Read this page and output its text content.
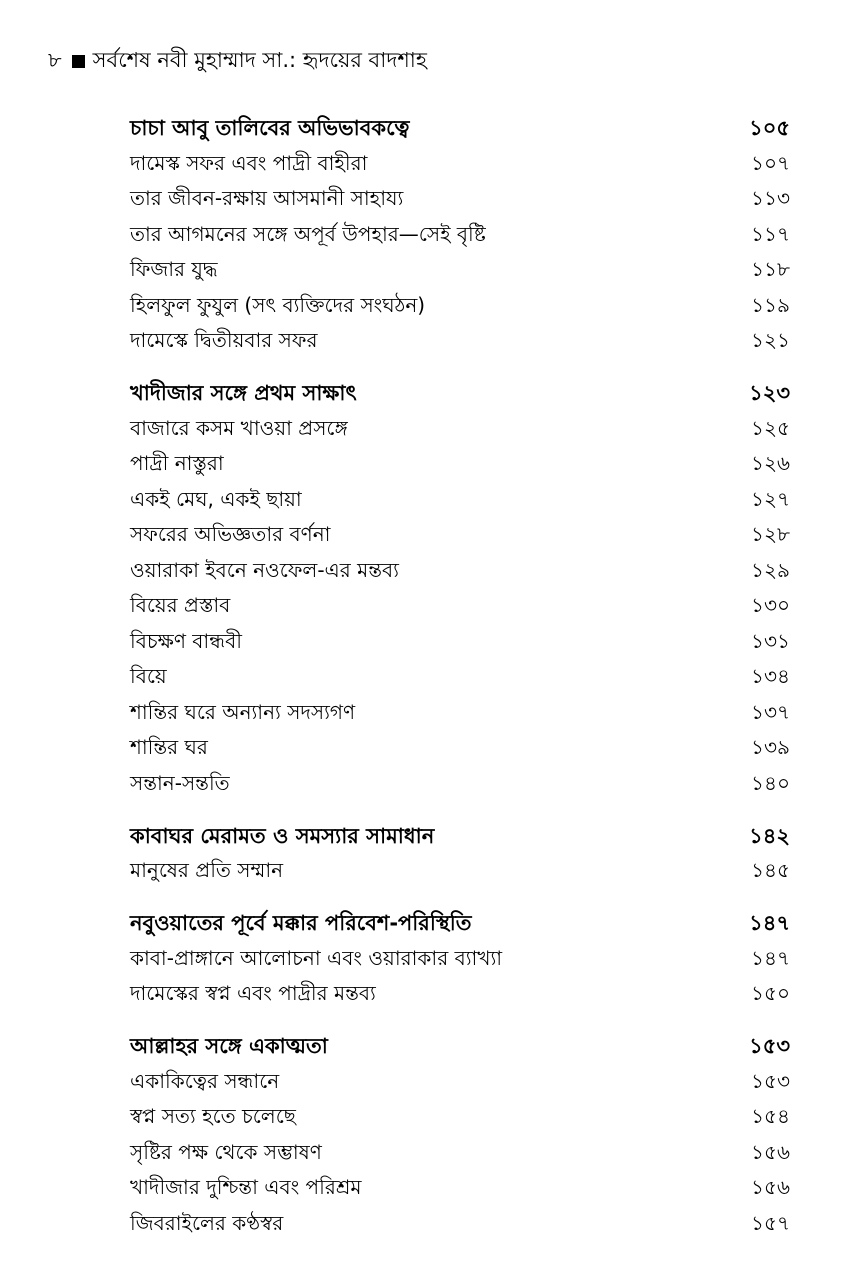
৮ সর্বশেষ নবী মুহাম্মাদ সা.: হৃদয়ের বাদশাহ
চাচা আবু তালিবের অভিভাবকত্বে	১০৫
দামেস্ক সফর এবং পাদ্রী বাহীরা	১০৭
তার জীবন-রক্ষায় আসমানী সাহায্য	১১৩
তার আগমনের সঙ্গে অপূর্ব উপহার—সেই বৃষ্টি	১১৭
ফিজার যুদ্ধ	১১৮
হিলফুল ফুযুল (সৎ ব্যক্তিদের সংঘঠন)	১১৯
দামেস্কে দ্বিতীয়বার সফর	১২১
খাদীজার সঙ্গে প্রথম সাক্ষাৎ	১২৩
বাজারে কসম খাওয়া প্রসঙ্গে	১২৫
পাদ্রী নাস্তুরা	১২৬
একই মেঘ, একই ছায়া	১২৭
সফরের অভিজ্ঞতার বর্ণনা	১২৮
ওয়ারাকা ইবনে নওফেল-এর মন্তব্য	১২৯
বিয়ের প্রস্তাব	১৩০
বিচক্ষণ বান্ধবী	১৩১
বিয়ে	১৩৪
শান্তির ঘরে অন্যান্য সদস্যগণ	১৩৭
শান্তির ঘর	১৩৯
সন্তান-সন্ততি	১৪০
কাবাঘর মেরামত ও সমস্যার সামাধান	১৪২
মানুষের প্রতি সম্মান	১৪৫
নবুওয়াতের পূর্বে মক্কার পরিবেশ-পরিস্থিতি	১৪৭
কাবা-প্রাঙ্গানে আলোচনা এবং ওয়ারাকার ব্যাখ্যা	১৪৭
দামেস্কের স্বপ্ন এবং পাদ্রীর মন্তব্য	১৫০
আল্লাহর সঙ্গে একাত্মতা	১৫৩
একাকিত্বের সন্ধানে	১৫৩
স্বপ্ন সত্য হতে চলেছে	১৫৪
সৃষ্টির পক্ষ থেকে সম্ভাষণ	১৫৬
খাদীজার দুশ্চিন্তা এবং পরিশ্রম	১৫৬
জিবরাইলের কণ্ঠস্বর	১৫৭
